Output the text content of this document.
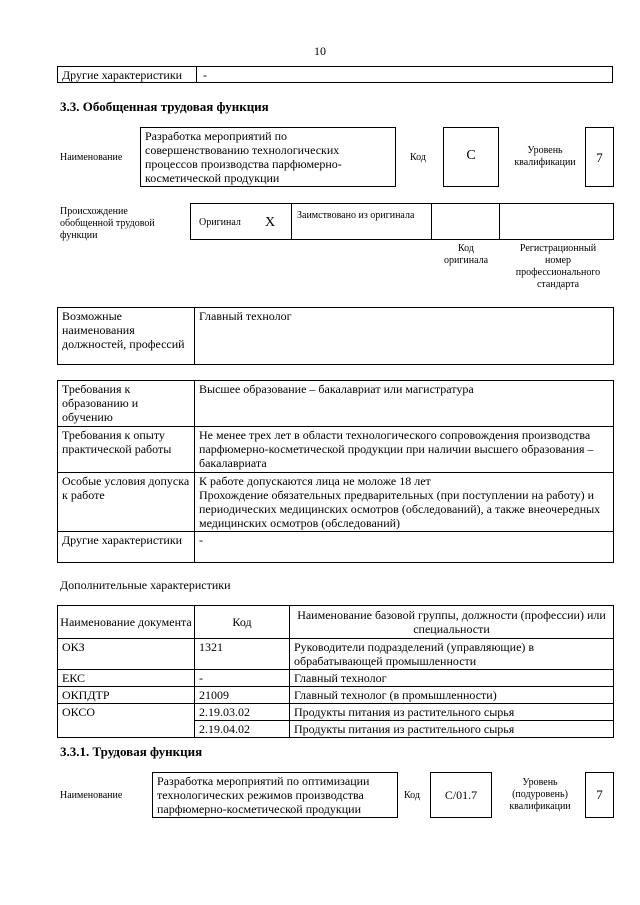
10
Другие характеристики -
3.3. Обобщенная трудовая функция
Наименование
Разработка мероприятий по совершенствованию технологических процессов производства парфюмерно-косметической продукции
Код	С	Уровень квалификации	7
Происхождение обобщенной трудовой функции
Оригинал X Заимствовано из оригинала
Код оригинала
Регистрационный номер профессионального стандарта
Возможные наименования должностей, профессий	Главный технолог
Требования к образованию и обучению	Высшее образование – бакалавриат или магистратура
Требования к опыту практической работы	Не менее трех лет в области технологического сопровождения производства парфюмерно-косметической продукции при наличии высшего образования – бакалавриата
Особые условия допуска к работе	К работе допускаются лица не моложе 18 лет
Прохождение обязательных предварительных (при поступлении на работу) и периодических медицинских осмотров (обследований), а также внеочередных медицинских осмотров (обследований)

Другие характеристики	-
Дополнительные характеристики
Наименование документа	Код	Наименование базовой группы, должности (профессии) или специальности
ОКЗ	1321	Руководители подразделений (управляющие) в обрабатывающей промышленности
ЕКС	-	Главный технолог
ОКПДТР	21009	Главный технолог (в промышленности)
ОКСО	2.19.03.02	Продукты питания из растительного сырья
	2.19.04.02	Продукты питания из растительного сырья
3.3.1. Трудовая функция
Наименование
Разработка мероприятий по оптимизации технологических режимов производства парфюмерно-косметической продукции
Код	С/01.7
Уровень (подуровень) квалификации
7
